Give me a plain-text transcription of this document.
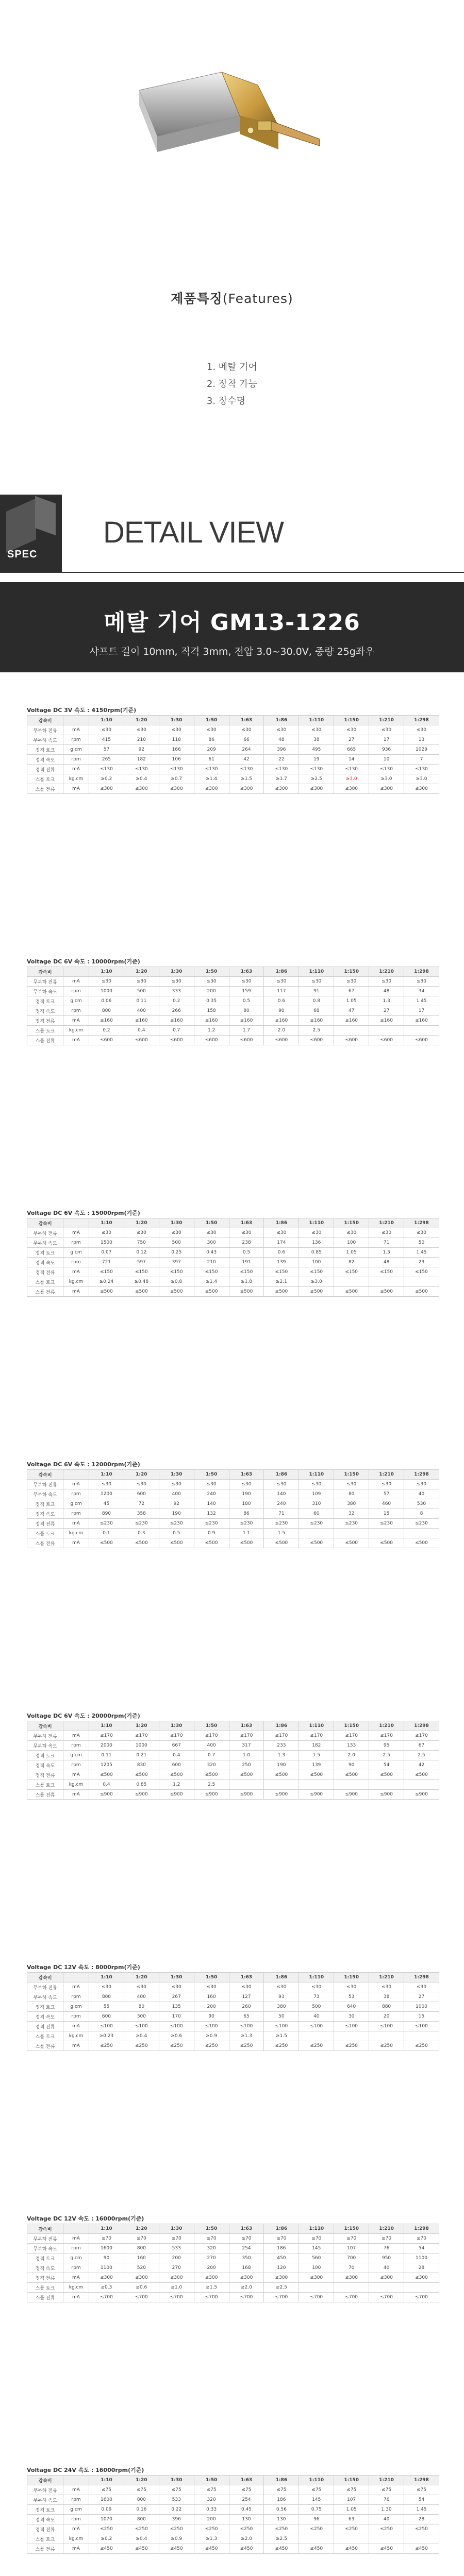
제품특징(Features)
1. 메탈 기어
2. 장착 가능
3. 장수명
SPEC
DETAIL VIEW
메탈 기어 GM13-1226

샤프트 길이 10mm, 직격 3mm, 전압 3.0~30.0V, 중량 25g좌우

Voltage DC 3V 속도 : 4150rpm(기준)
감속비		1:10	1:20	1:30	1:50	1:63	1:86	1:110	1:150	1:210	1:298
무부하 전류	mA	≤30	≤30	≤30	≤30	≤30	≤30	≤30	≤30	≤30	≤30
무부하 속도	rpm	415	210	118	86	66	48	38	27	17	13
정격 토크	g.cm	57	92	166	209	264	396	495	665	936	1029
정격 속도	rpm	265	182	106	61	42	22	19	14	10	7
정격 전류	mA	≤130	≤130	≤130	≤130	≤130	≤130	≤130	≤130	≤130	≤130
스톨 토크	kg.cm	≥0.2	≥0.4	≥0.7	≥1.4	≥1.5	≥1.7	≥2.5	≥3.0	≥3.0	≥3.0
스톨 전류	mA	≤300	≤300	≤300	≤300	≤300	≤300	≤300	≤300	≤300	≤300
Voltage DC 6V 속도 : 10000rpm(기준)
감속비		1:10	1:20	1:30	1:50	1:63	1:86	1:110	1:150	1:210	1:298
무부하 전류	mA	≤30	≤30	≤30	≤30	≤30	≤30	≤30	≤30	≤30	≤30
무부하 속도	rpm	1000	500	333	200	159	117	91	67	48	34
정격 토크	g.cm	0.06	0.11	0.2	0.35	0.5	0.6	0.8	1.05	1.3	1.45
정격 속도	rpm	800	400	266	158	80	90	68	47	27	17
정격 전류	mA	≤160	≤160	≤160	≤160	≤160	≤160	≤160	≤160	≤160	≤160
스톨 토크	kg.cm	0.2	0.4	0.7	1.2	1.7	2.0	2.5			
스톨 전류	mA	≤600	≤600	≤600	≤600	≤600	≤600	≤600	≤600	≤600	≤600
Voltage DC 6V 속도 : 15000rpm(기준)
감속비		1:10	1:20	1:30	1:50	1:63	1:86	1:110	1:150	1:210	1:298
무부하 전류	mA	≤30	≤30	≤30	≤30	≤30	≤30	≤30	≤30	≤30	≤30
무부하 속도	rpm	1500	750	500	300	238	174	136	100	71	50
정격 토크	g.cm	0.07	0.12	0.25	0.43	0.5	0.6	0.85	1.05	1.3	1.45
정격 속도	rpm	721	597	397	210	191	139	100	82	48	23
정격 전류	mA	≤150	≤150	≤150	≤150	≤150	≤150	≤150	≤150	≤150	≤150
스톨 토크	kg.cm	≥0.24	≥0.48	≥0.8	≥1.4	≥1.8	≥2.1	≥3.0			
스톨 전류	mA	≤500	≤500	≤500	≤500	≤500	≤500	≤500	≤500	≤500	≤500
Voltage DC 6V 속도 : 12000rpm(기준)
감속비		1:10	1:20	1:30	1:50	1:63	1:86	1:110	1:150	1:210	1:298
무부하 전류	mA	≤30	≤30	≤30	≤30	≤30	≤30	≤30	≤30	≤30	≤30
무부하 속도	rpm	1200	600	400	240	190	140	109	80	57	40
정격 토크	g.cm	45	72	92	140	180	240	310	380	460	530
정격 속도	rpm	890	358	190	132	86	71	60	32	15	8
정격 전류	mA	≤230	≤230	≤230	≤230	≤230	≤230	≤230	≤230	≤230	≤230
스톨 토크	kg.cm	0.1	0.3	0.5	0.9	1.1	1.5				
스톨 전류	mA	≤500	≤500	≤500	≤500	≤500	≤500	≤500	≤500	≤500	≤500
Voltage DC 6V 속도 : 20000rpm(기준)
감속비		1:10	1:20	1:30	1:50	1:63	1:86	1:110	1:150	1:210	1:298
무부하 전류	mA	≤170	≤170	≤170	≤170	≤170	≤170	≤170	≤170	≤170	≤170
무부하 속도	rpm	2000	1000	667	400	317	233	182	133	95	67
정격 토크	g.cm	0.11	0.21	0.4	0.7	1.0	1.3	1.5	2.0	2.5	2.5
정격 속도	rpm	1205	830	600	320	250	190	139	90	54	42
정격 전류	mA	≤500	≤500	≤500	≤500	≤500	≤500	≤500	≤500	≤500	≤500
스톨 토크	kg.cm	0.4	0.85	1.2	2.5						
스톨 전류	mA	≤900	≤900	≤900	≤900	≤900	≤900	≤900	≤900	≤900	≤900
Voltage DC 12V 속도 : 8000rpm(기준)
감속비		1:10	1:20	1:30	1:50	1:63	1:86	1:110	1:150	1:210	1:298
무부하 전류	mA	≤30	≤30	≤30	≤30	≤30	≤30	≤30	≤30	≤30	≤30
무부하 속도	rpm	800	400	267	160	127	93	73	53	38	27
정격 토크	g.cm	55	80	135	200	260	380	500	640	880	1000
정격 속도	rpm	600	300	170	90	65	50	40	30	20	15
정격 전류	mA	≤100	≤100	≤100	≤100	≤100	≤100	≤100	≤100	≤100	≤100
스톨 토크	kg.cm	≥0.23	≥0.4	≥0.6	≥0.9	≥1.3	≥1.5				
스톨 전류	mA	≤250	≤250	≤250	≤250	≤250	≤250	≤250	≤250	≤250	≤250
Voltage DC 12V 속도 : 16000rpm(기준)
감속비		1:10	1:20	1:30	1:50	1:63	1:86	1:110	1:150	1:210	1:298
무부하 전류	mA	≤70	≤70	≤70	≤70	≤70	≤70	≤70	≤70	≤70	≤70
무부하 속도	rpm	1600	800	533	320	254	186	145	107	76	54
정격 토크	g.cm	90	160	200	270	350	450	560	700	950	1100
정격 속도	rpm	1100	520	270	200	168	120	100	70	40	28
정격 전류	mA	≤300	≤300	≤300	≤300	≤300	≤300	≤300	≤300	≤300	≤300
스톨 토크	kg.cm	≥0.3	≥0.6	≥1.0	≥1.5	≥2.0	≥2.5				
스톨 전류	mA	≤700	≤700	≤700	≤700	≤700	≤700	≤700	≤700	≤700	≤700
Voltage DC 24V 속도 : 16000rpm(기준)
감속비		1:10	1:20	1:30	1:50	1:63	1:86	1:110	1:150	1:210	1:298
무부하 전류	mA	≤75	≤75	≤75	≤75	≤75	≤75	≤75	≤75	≤75	≤75
무부하 속도	rpm	1600	800	533	320	254	186	145	107	76	54
정격 토크	g.cm	0.09	0.16	0.22	0.33	0.45	0.56	0.75	1.05	1.30	1.45
정격 속도	rpm	1070	800	396	200	130	130	96	63	40	28
정격 전류	mA	≤250	≤250	≤250	≤250	≤250	≤250	≤250	≤250	≤250	≤250
스톨 토크	kg.cm	≥0.2	≥0.4	≥0.9	≥1.3	≥2.0	≥2.5				
스톨 전류	mA	≤450	≤450	≤450	≤450	≤450	≤450	≤450	≤450	≤450	≤450
